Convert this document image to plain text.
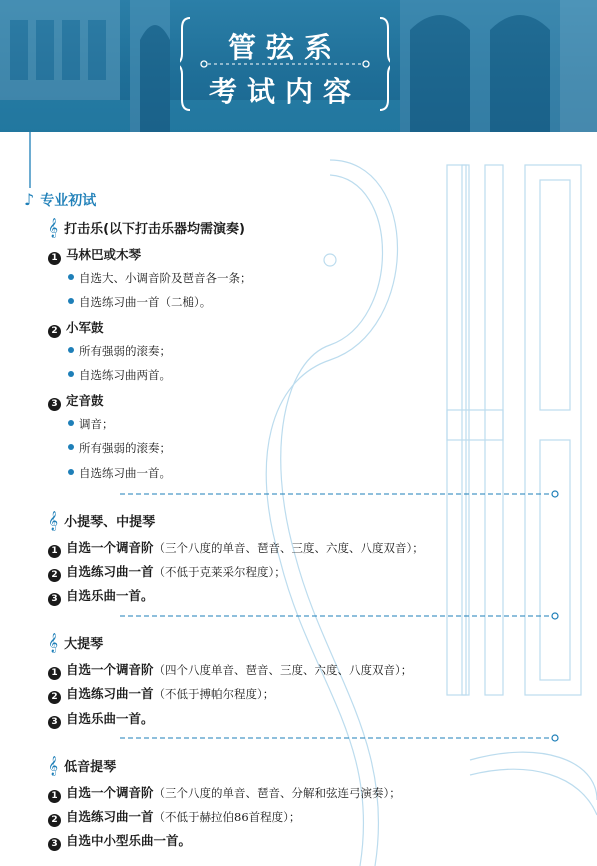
管弦系
考试内容
♪ 专业初试
𝄞 打击乐(以下打击乐器均需演奏)
1 马林巴或木琴
自选大、小调音阶及琶音各一条；
自选练习曲一首（二槌）。
2 小军鼓
所有强弱的滚奏；
自选练习曲两首。
3 定音鼓
调音；
所有强弱的滚奏；
自选练习曲一首。
𝄞 小提琴、中提琴
1 自选一个调音阶（三个八度的单音、琶音、三度、六度、八度双音）；
2 自选练习曲一首（不低于克莱采尔程度）；
3 自选乐曲一首。
𝄞 大提琴
1 自选一个调音阶（四个八度单音、琶音、三度、六度、八度双音）；
2 自选练习曲一首（不低于搏帕尔程度）；
3 自选乐曲一首。
𝄞 低音提琴
1 自选一个调音阶（三个八度的单音、琶音、分解和弦连弓演奏）；
2 自选练习曲一首（不低于赫拉伯86首程度）；
3 自选中小型乐曲一首。
